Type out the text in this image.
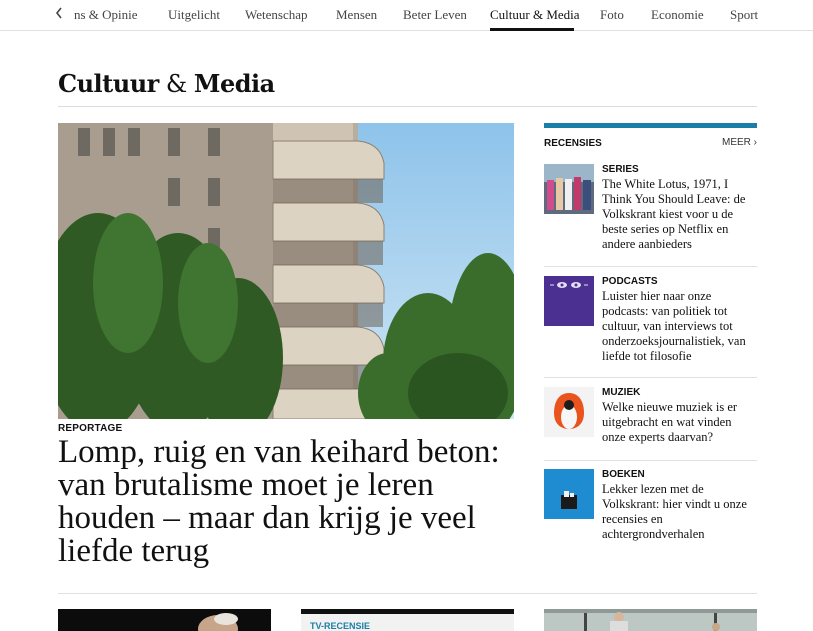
ns & Opinie Uitgelicht Wetenschap Mensen Beter Leven Cultuur & Media Foto Economie Sport
Cultuur & Media
REPORTAGE
Lomp, ruig en van keihard beton: van brutalisme moet je leren houden – maar dan krijg je veel liefde terug
RECENSIES	MEER ›
SERIES
The White Lotus, 1971, I Think You Should Leave: de Volkskrant kiest voor u de beste series op Netflix en andere aanbieders
PODCASTS
Luister hier naar onze podcasts: van politiek tot cultuur, van interviews tot onderzoeksjournalistiek, van liefde tot filosofie
MUZIEK
Welke nieuwe muziek is er uitgebracht en wat vinden onze experts daarvan?
BOEKEN
Lekker lezen met de Volkskrant: hier vindt u onze recensies en achtergrondverhalen
TV-RECENSIE
